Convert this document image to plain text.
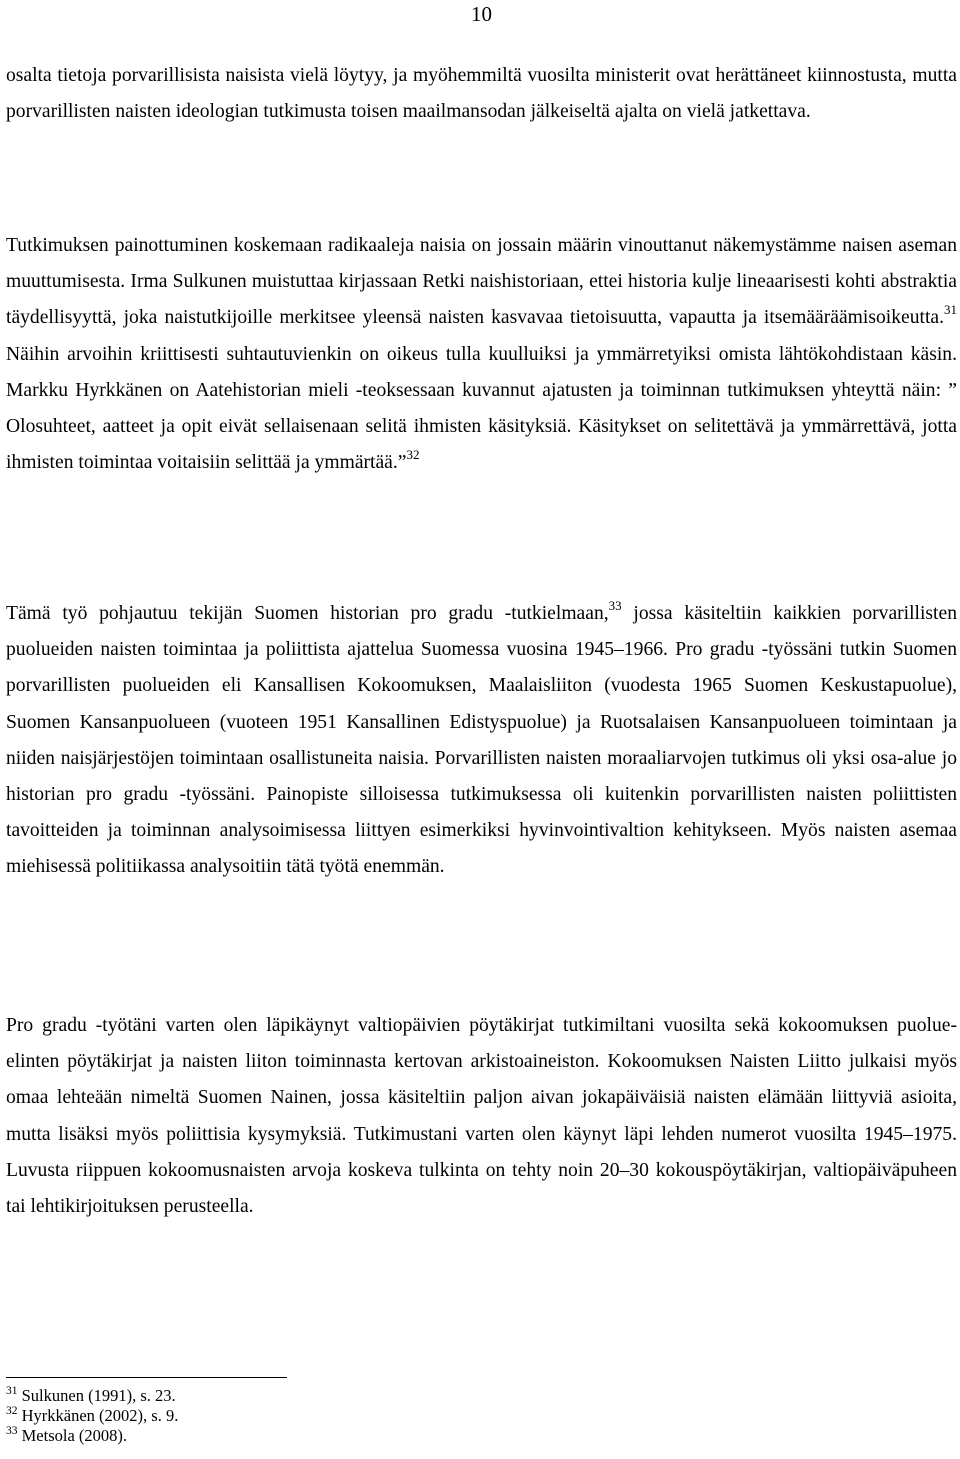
10

osalta tietoja porvarillisista naisista vielä löytyy, ja myöhemmiltä vuosilta ministerit ovat herättäneet kiinnostusta, mutta porvarillisten naisten ideologian tutkimusta toisen maailmansodan jälkeiseltä ajalta on vielä jatkettava.

Tutkimuksen painottuminen koskemaan radikaaleja naisia on jossain määrin vinouttanut näkemystämme naisen aseman muuttumisesta. Irma Sulkunen muistuttaa kirjassaan Retki naishistoriaan, ettei historia kulje lineaarisesti kohti abstraktia täydellisyyttä, joka naistutkijoille merkitsee yleensä naisten kasvavaa tietoisuutta, vapautta ja itsemääräämisoikeutta.$^{31}$ Näihin arvoihin kriittisesti suhtautuvienkin on oikeus tulla kuulluiksi ja ymmärretyiksi omista lähtökohdistaan käsin. Markku Hyrkkänen on Aatehistorian mieli -teoksessaan kuvannut ajatusten ja toiminnan tutkimuksen yhteyttä näin: ” Olosuhteet, aatteet ja opit eivät sellaisenaan selitä ihmisten käsityksiä. Käsitykset on selitettävä ja ymmärrettävä, jotta ihmisten toimintaa voitaisiin selittää ja ymmärtää.”$^{32}$

Tämä työ pohjautuu tekijän Suomen historian pro gradu -tutkielmaan,$^{33}$ jossa käsiteltiin kaikkien porvarillisten puolueiden naisten toimintaa ja poliittista ajattelua Suomessa vuosina 1945–1966. Pro gradu -työssäni tutkin Suomen porvarillisten puolueiden eli Kansallisen Kokoomuksen, Maalaisliiton (vuodesta 1965 Suomen Keskustapuolue), Suomen Kansanpuolueen (vuoteen 1951 Kansallinen Edistyspuolue) ja Ruotsalaisen Kansanpuolueen toimintaan ja niiden naisjärjestöjen toimintaan osallistuneita naisia. Porvarillisten naisten moraaliarvojen tutkimus oli yksi osa-alue jo historian pro gradu -työssäni. Painopiste silloisessa tutkimuksessa oli kuitenkin porvarillisten naisten poliittisten tavoitteiden ja toiminnan analysoimisessa liittyen esimerkiksi hyvinvointivaltion kehitykseen. Myös naisten asemaa miehisessä politiikassa analysoitiin tätä työtä enemmän.

Pro gradu -työtäni varten olen läpikäynyt valtiopäivien pöytäkirjat tutkimiltani vuosilta sekä kokoomuksen puolue-elinten pöytäkirjat ja naisten liiton toiminnasta kertovan arkistoaineiston. Kokoomuksen Naisten Liitto julkaisi myös omaa lehteään nimeltä Suomen Nainen, jossa käsiteltiin paljon aivan jokapäiväisiä naisten elämään liittyviä asioita, mutta lisäksi myös poliittisia kysymyksiä. Tutkimustani varten olen käynyt läpi lehden numerot vuosilta 1945–1975. Luvusta riippuen kokoomusnaisten arvoja koskeva tulkinta on tehty noin 20–30 kokouspöytäkirjan, valtiopäiväpuheen tai lehtikirjoituksen perusteella.

$^{31}$ Sulkunen (1991), s. 23.
$^{32}$ Hyrkkänen (2002), s. 9.
$^{33}$ Metsola (2008).
